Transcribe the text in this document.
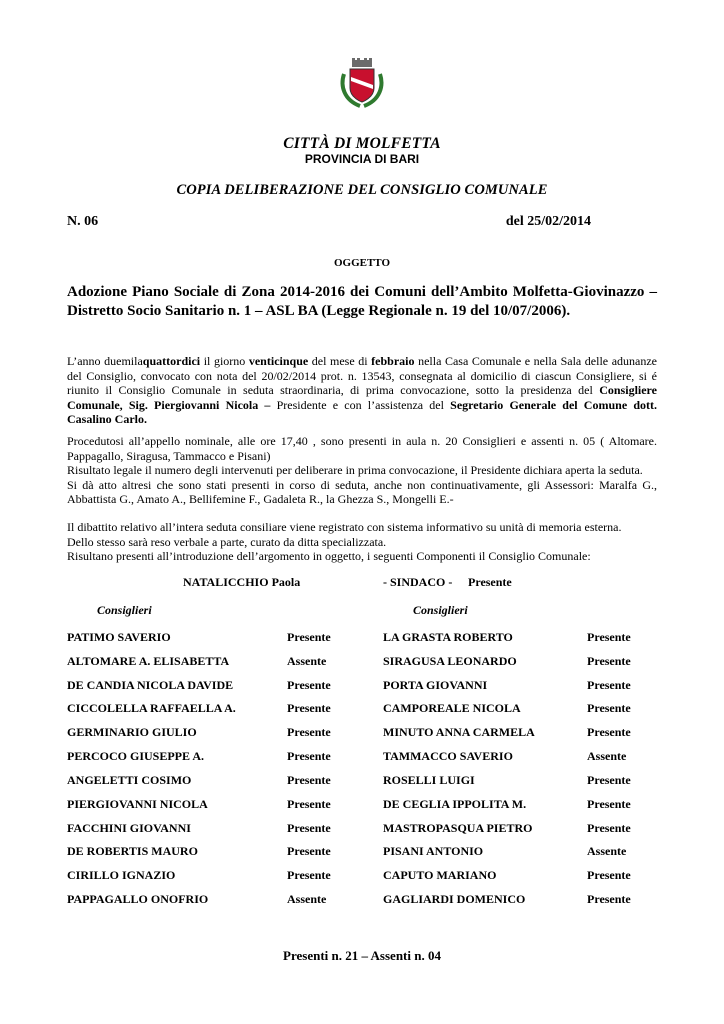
CITTÀ DI MOLFETTA
PROVINCIA DI BARI
COPIA DELIBERAZIONE DEL CONSIGLIO COMUNALE
N. 06	del 25/02/2014
OGGETTO
Adozione Piano Sociale di Zona 2014-2016 dei Comuni dell’Ambito Molfetta-Giovinazzo – Distretto Socio Sanitario n. 1 – ASL BA (Legge Regionale n. 19 del 10/07/2006).
L’anno duemilaquattordici il giorno venticinque del mese di febbraio nella Casa Comunale e nella Sala delle adunanze del Consiglio, convocato con nota del 20/02/2014 prot. n. 13543, consegnata al domicilio di ciascun Consigliere, si é riunito il Consiglio Comunale in seduta straordinaria, di prima convocazione, sotto la presidenza del Consigliere Comunale, Sig. Piergiovanni Nicola – Presidente e con l’assistenza del Segretario Generale del Comune dott. Casalino Carlo.
Procedutosi all’appello nominale, alle ore 17,40 , sono presenti in aula n. 20 Consiglieri e assenti n. 05 ( Altomare. Pappagallo, Siragusa, Tammacco e Pisani)
Risultato legale il numero degli intervenuti per deliberare in prima convocazione, il Presidente dichiara aperta la seduta.
Si dà atto altresi che sono stati presenti in corso di seduta, anche non continuativamente, gli Assessori: Maralfa G., Abbattista G., Amato A., Bellifemine F., Gadaleta R., la Ghezza S., Mongelli E.-
Il dibattito relativo all’intera seduta consiliare viene registrato con sistema informativo su unità di memoria esterna.
Dello stesso sarà reso verbale a parte, curato da ditta specializzata.
Risultano presenti all’introduzione dell’argomento in oggetto, i seguenti Componenti il Consiglio Comunale:
NATALICCHIO Paola	- SINDACO - Presente
Consiglieri	Consiglieri
PATIMO SAVERIO	Presente	LA GRASTA ROBERTO	Presente
ALTOMARE A. ELISABETTA	Assente	SIRAGUSA LEONARDO	Presente
DE CANDIA NICOLA DAVIDE	Presente	PORTA GIOVANNI	Presente
CICCOLELLA RAFFAELLA A.	Presente	CAMPOREALE NICOLA	Presente
GERMINARIO GIULIO	Presente	MINUTO ANNA CARMELA	Presente
PERCOCO GIUSEPPE A.	Presente	TAMMACCO SAVERIO	Assente
ANGELETTI COSIMO	Presente	ROSELLI LUIGI	Presente
PIERGIOVANNI NICOLA	Presente	DE CEGLIA IPPOLITA M.	Presente
FACCHINI GIOVANNI	Presente	MASTROPASQUA PIETRO	Presente
DE ROBERTIS MAURO	Presente	PISANI ANTONIO	Assente
CIRILLO IGNAZIO	Presente	CAPUTO MARIANO	Presente
PAPPAGALLO ONOFRIO	Assente	GAGLIARDI DOMENICO	Presente
Presenti n. 21 – Assenti n. 04
